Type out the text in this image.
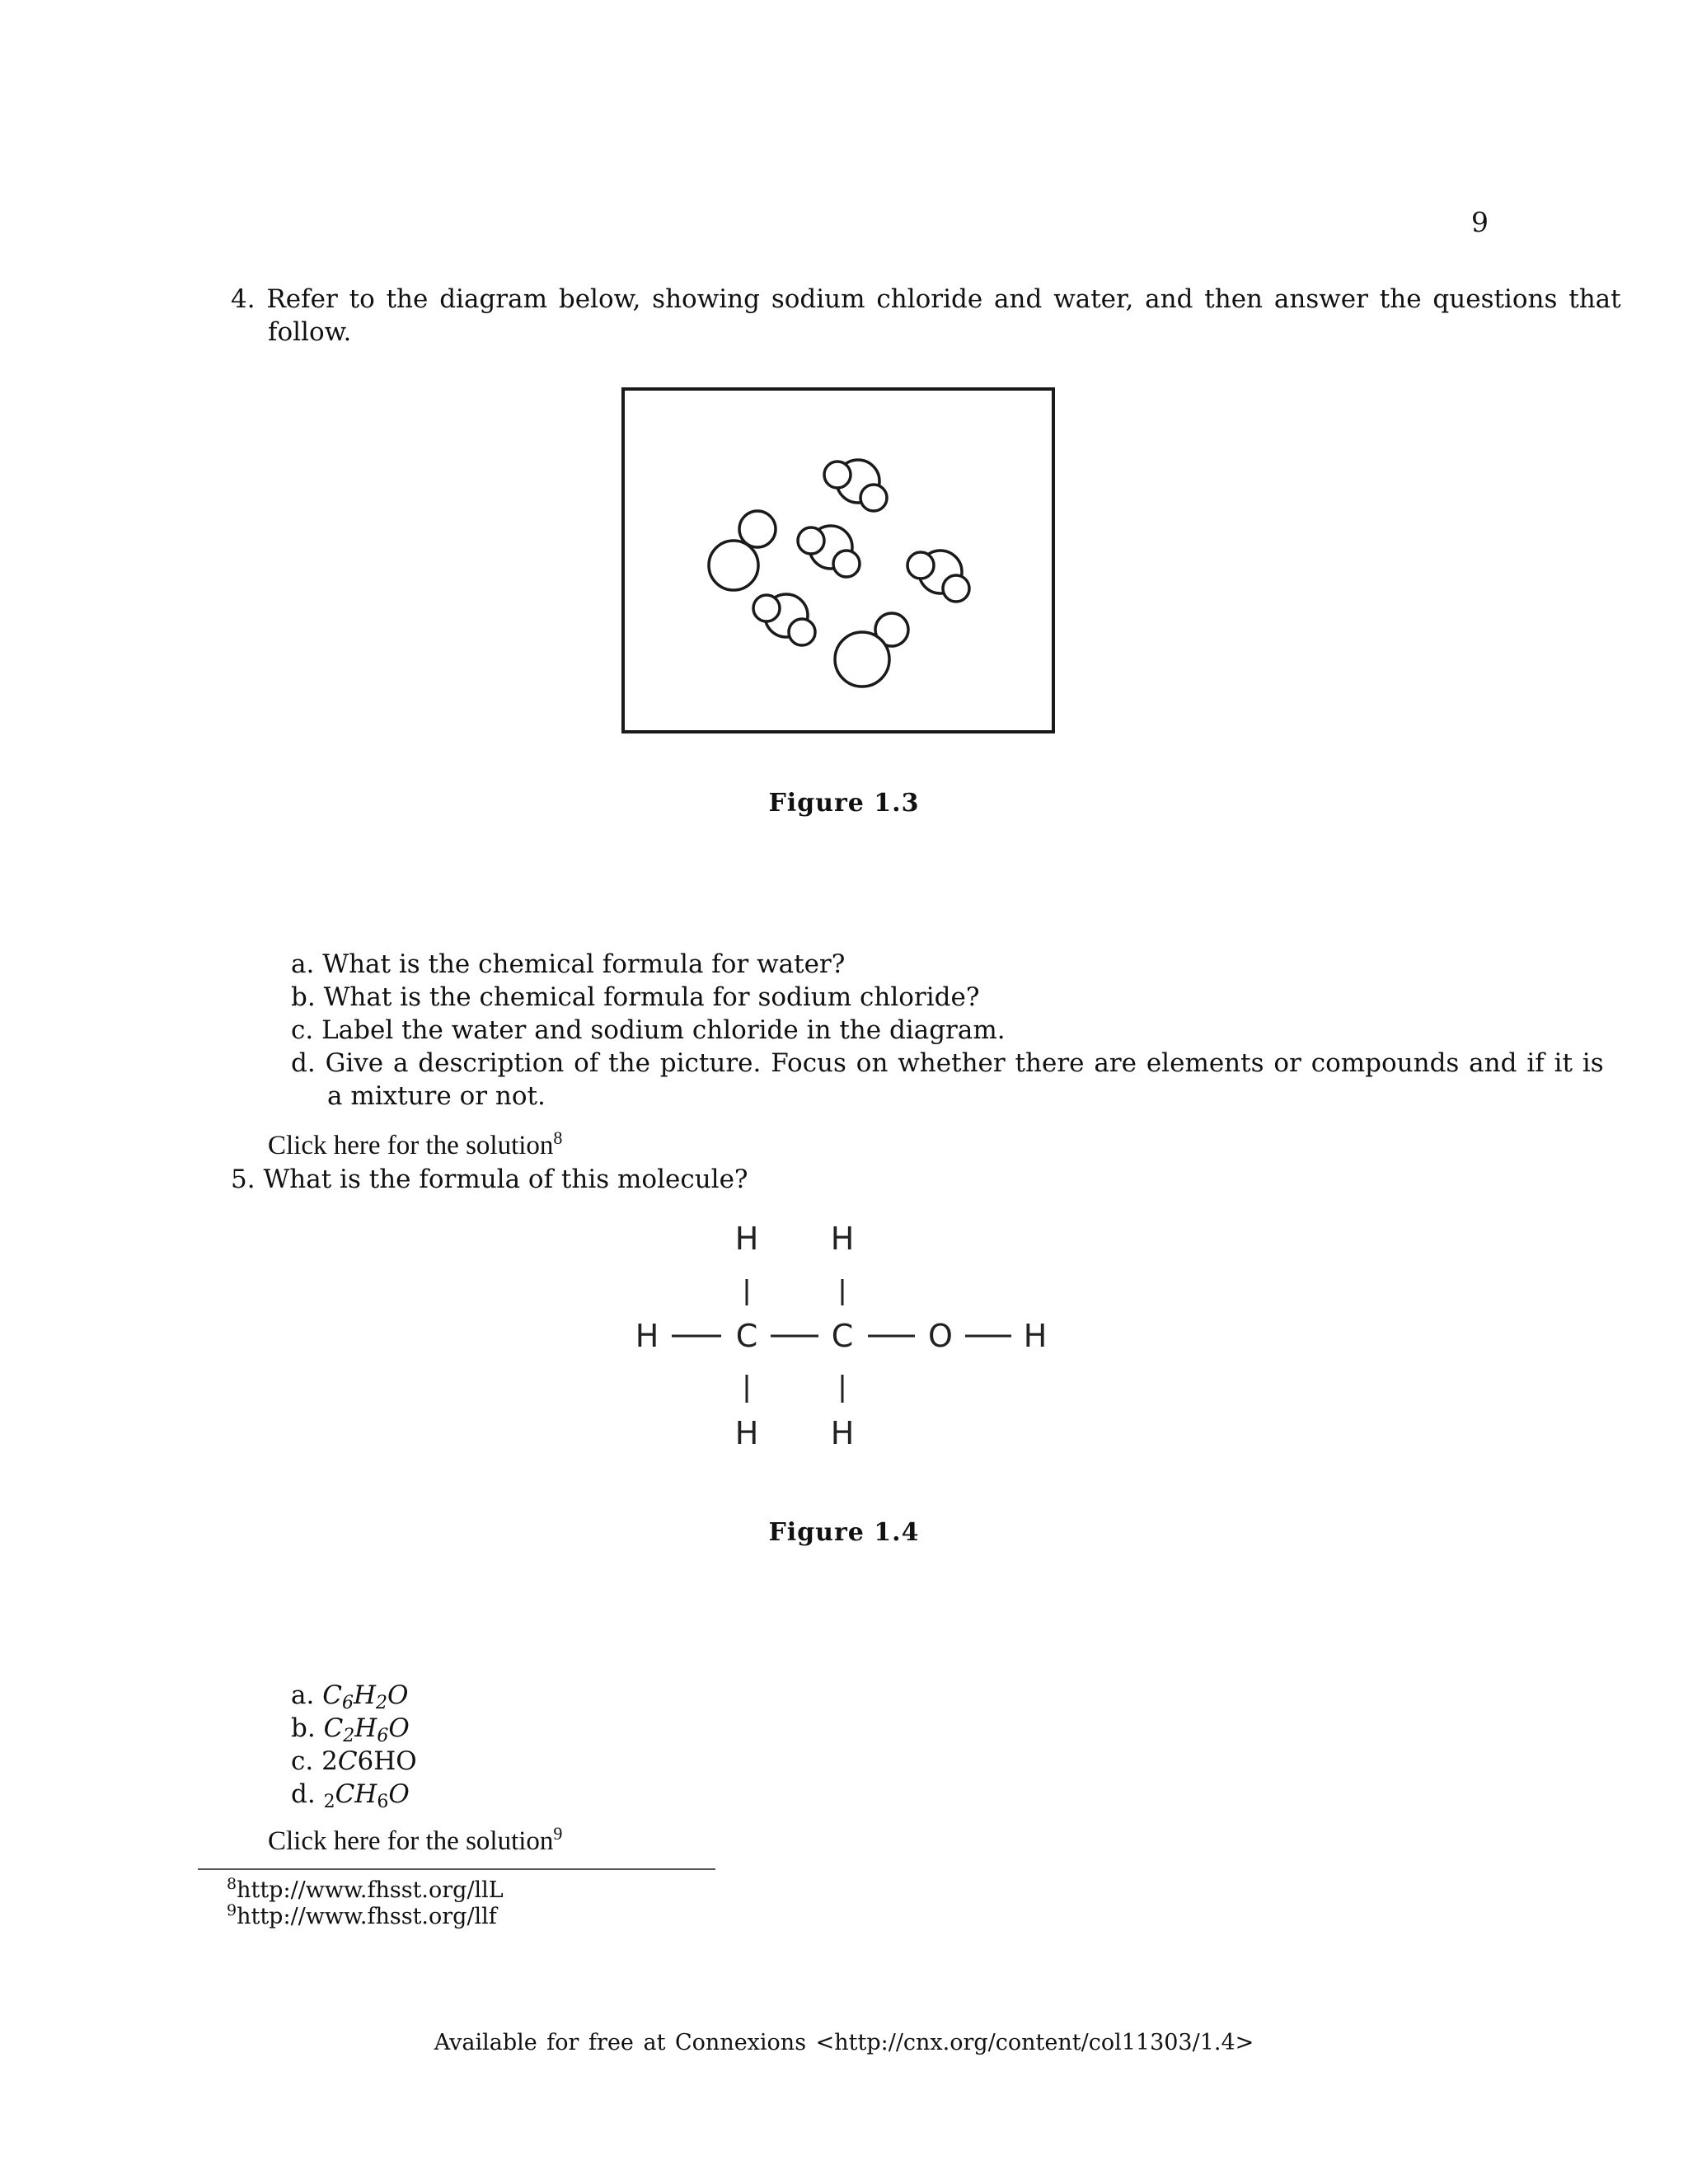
9
4. Refer to the diagram below, showing sodium chloride and water, and then answer the questions that
follow.
Figure 1.3
a. What is the chemical formula for water?
b. What is the chemical formula for sodium chloride?
c. Label the water and sodium chloride in the diagram.
d. Give a description of the picture. Focus on whether there are elements or compounds and if it is
a mixture or not.
Click here for the solution$^8$
5. What is the formula of this molecule?
H H
H C C O H
H H
Figure 1.4
a. $C_6H_2O$
b. $C_2H_6O$
c. 2C6HO
d. $_2CH_6O$
Click here for the solution$^9$
$^8$http://www.fhsst.org/llL
$^9$http://www.fhsst.org/llf
Available for free at Connexions <http://cnx.org/content/col11303/1.4>
